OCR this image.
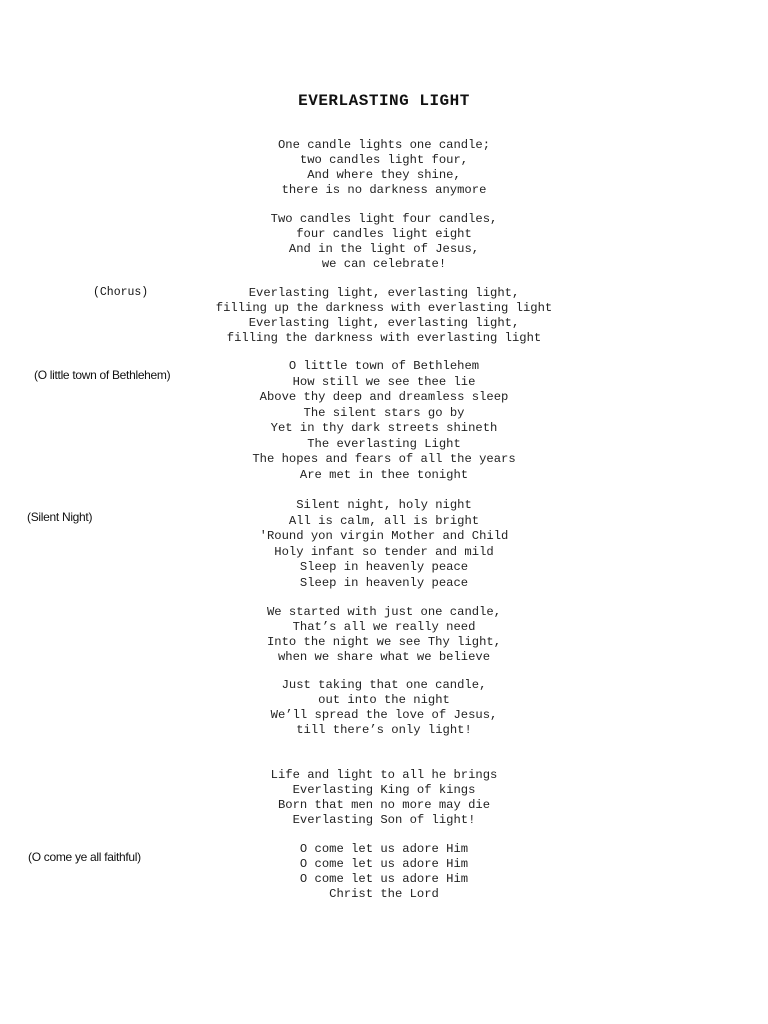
EVERLASTING LIGHT
One candle lights one candle;
two candles light four,
And where they shine,
there is no darkness anymore
Two candles light four candles,
four candles light eight
And in the light of Jesus,
we can celebrate!
(Chorus)	Everlasting light, everlasting light,
filling up the darkness with everlasting light
Everlasting light, everlasting light,
filling the darkness with everlasting light
(O little town of Bethlehem)
O little town of Bethlehem
How still we see thee lie
Above thy deep and dreamless sleep
The silent stars go by
Yet in thy dark streets shineth
The everlasting Light
The hopes and fears of all the years
Are met in thee tonight
(Silent Night)
Silent night, holy night
All is calm, all is bright
'Round yon virgin Mother and Child
Holy infant so tender and mild
Sleep in heavenly peace
Sleep in heavenly peace
We started with just one candle,
That’s all we really need
Into the night we see Thy light,
when we share what we believe
Just taking that one candle,
out into the night
We’ll spread the love of Jesus,
till there’s only light!
Life and light to all he brings
Everlasting King of kings
Born that men no more may die
Everlasting Son of light!
(O come ye all faithful)
O come let us adore Him
O come let us adore Him
O come let us adore Him
Christ the Lord
